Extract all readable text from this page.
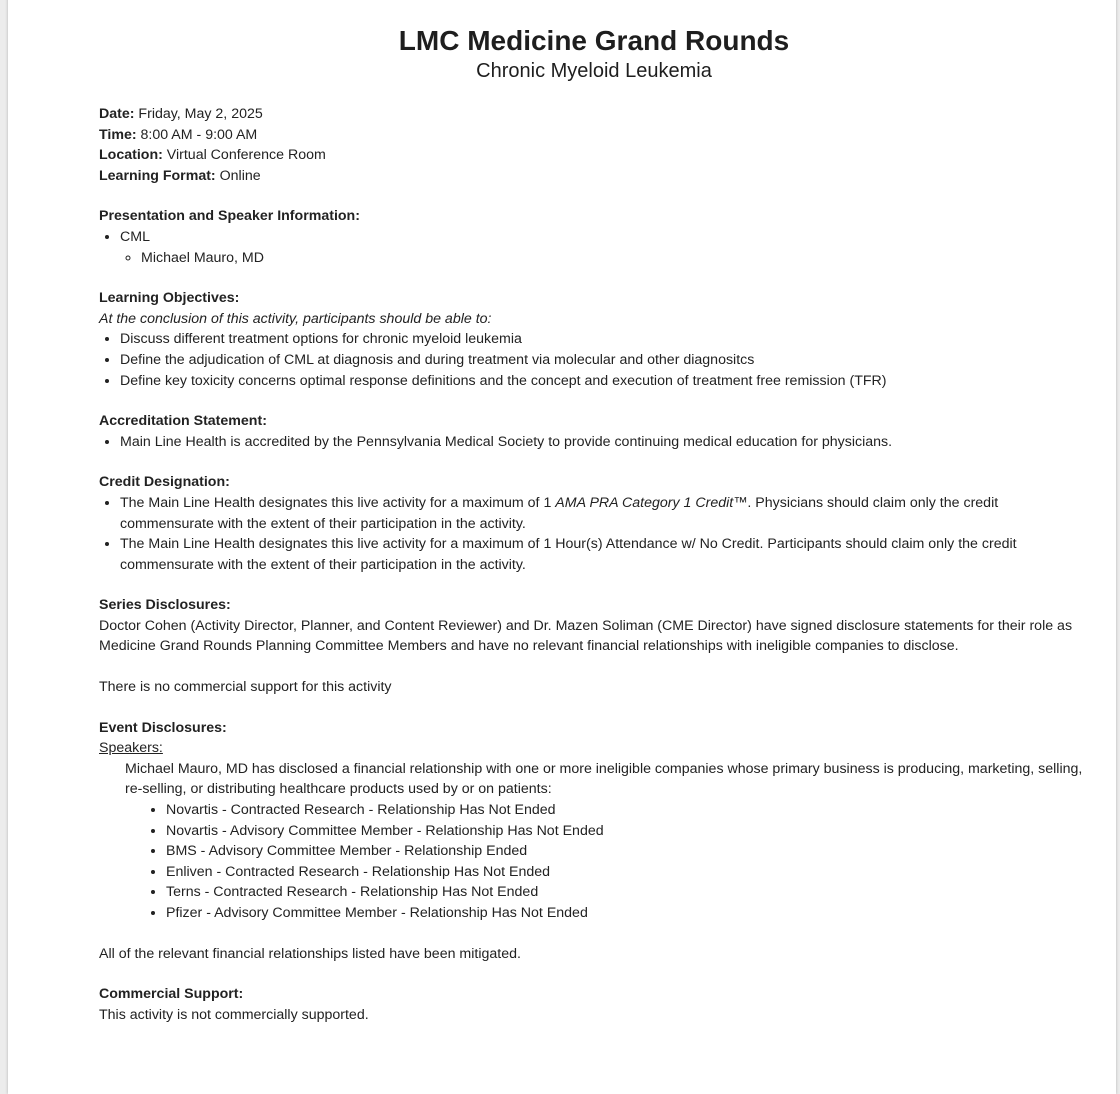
LMC Medicine Grand Rounds
Chronic Myeloid Leukemia

Date: Friday, May 2, 2025

Time: 8:00 AM - 9:00 AM

Location: Virtual Conference Room

Learning Format: Online

Presentation and Speaker Information:

• CML
◦ Michael Mauro, MD

Learning Objectives:

At the conclusion of this activity, participants should be able to:

• Discuss different treatment options for chronic myeloid leukemia
• Define the adjudication of CML at diagnosis and during treatment via molecular and other diagnositcs
• Define key toxicity concerns optimal response definitions and the concept and execution of treatment free remission (TFR)

Accreditation Statement:

• Main Line Health is accredited by the Pennsylvania Medical Society to provide continuing medical education for physicians.

Credit Designation:

• The Main Line Health designates this live activity for a maximum of 1 AMA PRA Category 1 Credit™. Physicians should claim only the credit commensurate with the extent of their participation in the activity.
• The Main Line Health designates this live activity for a maximum of 1 Hour(s) Attendance w/ No Credit. Participants should claim only the credit commensurate with the extent of their participation in the activity.

Series Disclosures:

Doctor Cohen (Activity Director, Planner, and Content Reviewer) and Dr. Mazen Soliman (CME Director) have signed disclosure statements for their role as Medicine Grand Rounds Planning Committee Members and have no relevant financial relationships with ineligible companies to disclose.

There is no commercial support for this activity

Event Disclosures:

Speakers:

Michael Mauro, MD has disclosed a financial relationship with one or more ineligible companies whose primary business is producing, marketing, selling, re-selling, or distributing healthcare products used by or on patients:

• Novartis - Contracted Research - Relationship Has Not Ended
• Novartis - Advisory Committee Member - Relationship Has Not Ended
• BMS - Advisory Committee Member - Relationship Ended
• Enliven - Contracted Research - Relationship Has Not Ended
• Terns - Contracted Research - Relationship Has Not Ended
• Pfizer - Advisory Committee Member - Relationship Has Not Ended

All of the relevant financial relationships listed have been mitigated.

Commercial Support:

This activity is not commercially supported.
